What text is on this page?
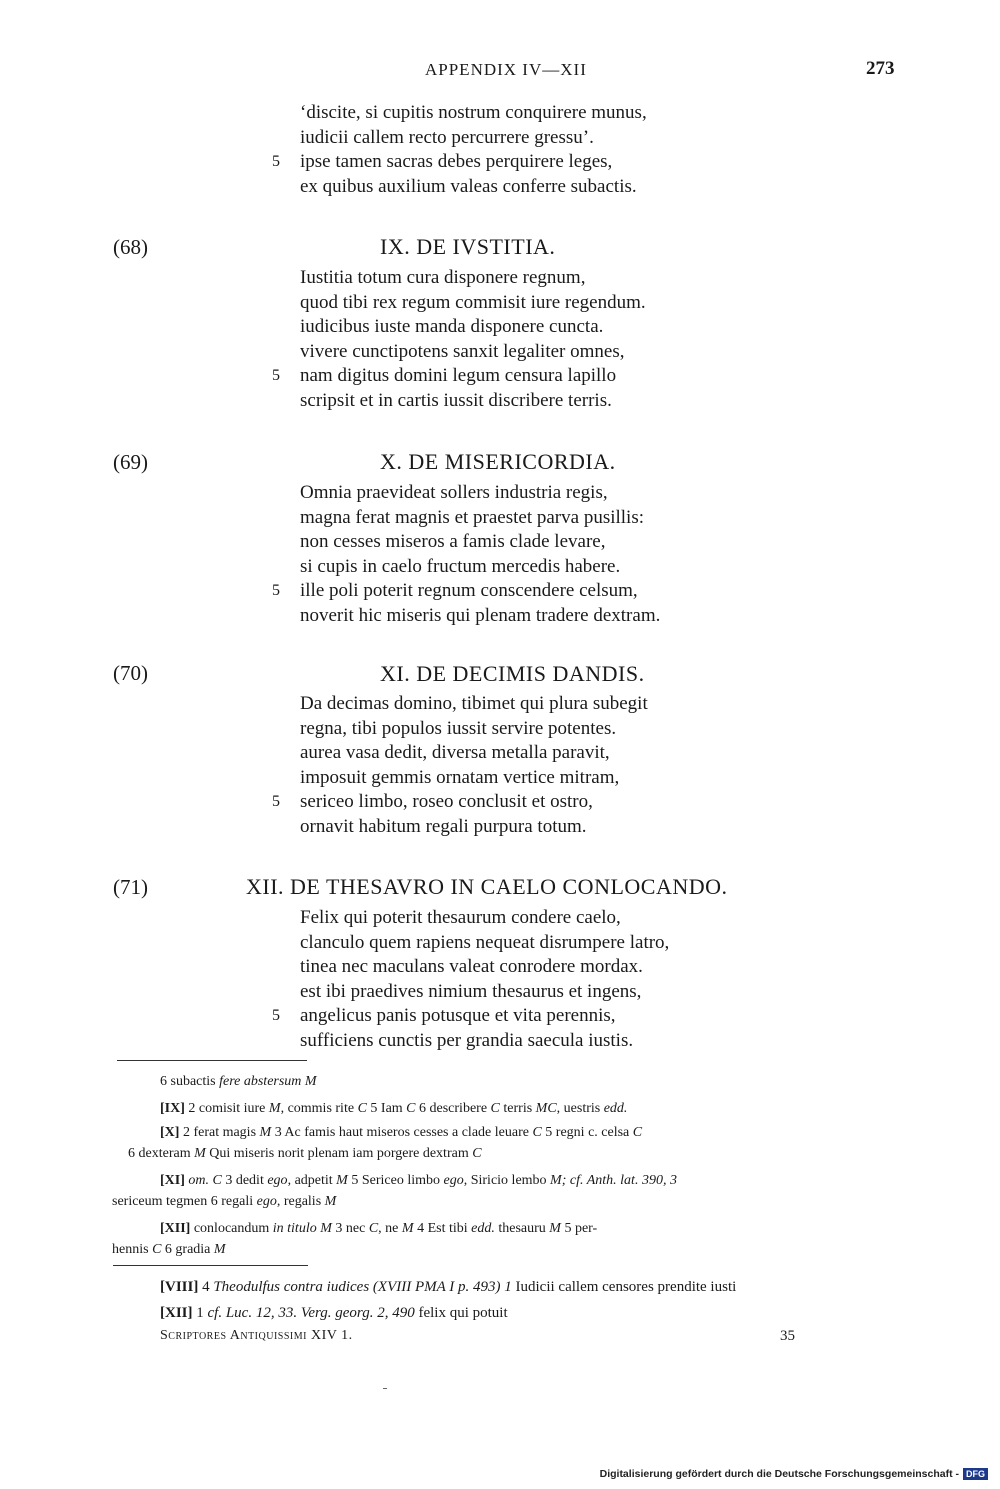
APPENDIX IV—XII	273
‘discite, si cupitis nostrum conquirere munus,
iudicii callem recto percurrere gressu’.
5 ipse tamen sacras debes perquirere leges,
ex quibus auxilium valeas conferre subactis.
(68)	IX. DE IVSTITIA.
Iustitia totum cura disponere regnum,
quod tibi rex regum commisit iure regendum.
iudicibus iuste manda disponere cuncta.
vivere cunctipotens sanxit legaliter omnes,
5 nam digitus domini legum censura lapillo
scripsit et in cartis iussit discribere terris.
(69)	X. DE MISERICORDIA.
Omnia praevideat sollers industria regis,
magna ferat magnis et praestet parva pusillis:
non cesses miseros a famis clade levare,
si cupis in caelo fructum mercedis habere.
5 ille poli poterit regnum conscendere celsum,
noverit hic miseris qui plenam tradere dextram.
(70)	XI. DE DECIMIS DANDIS.
Da decimas domino, tibimet qui plura subegit
regna, tibi populos iussit servire potentes.
aurea vasa dedit, diversa metalla paravit,
imposuit gemmis ornatam vertice mitram,
5 sericeo limbo, roseo conclusit et ostro,
ornavit habitum regali purpura totum.
(71)	XII. DE THESAVRO IN CAELO CONLOCANDO.
Felix qui poterit thesaurum condere caelo,
clanculo quem rapiens nequeat disrumpere latro,
tinea nec maculans valeat conrodere mordax.
est ibi praedives nimium thesaurus et ingens,
5 angelicus panis potusque et vita perennis,
sufficiens cunctis per grandia saecula iustis.
6 subactis fere abstersum M
[IX] 2 comisit iure M, commis rite C 5 Iam C 6 describere C terris MC, uestris edd.
[X] 2 ferat magis M 3 Ac famis haut miseros cesses a clade leuare C 5 regni c. celsa C
6 dexteram M Qui miseris norit plenam iam porgere dextram C
[XI] om. C 3 dedit ego, adpetit M 5 Sericeo limbo ego, Siricio lembo M; cf. Anth. lat. 390, 3
sericeum tegmen 6 regali ego, regalis M
[XII] conlocandum in titulo M 3 nec C, ne M 4 Est tibi edd. thesauru M 5 per-
hennis C 6 gradia M
[VIII] 4 Theodulfus contra iudices (XVIII PMA I p. 493) 1 Iudicii callem censores prendite iusti
[XII] 1 cf. Luc. 12, 33. Verg. georg. 2, 490 felix qui potuit
Scriptores Antiquissimi XIV 1.	35
Digitalisierung gefördert durch die Deutsche Forschungsgemeinschaft - DFG
